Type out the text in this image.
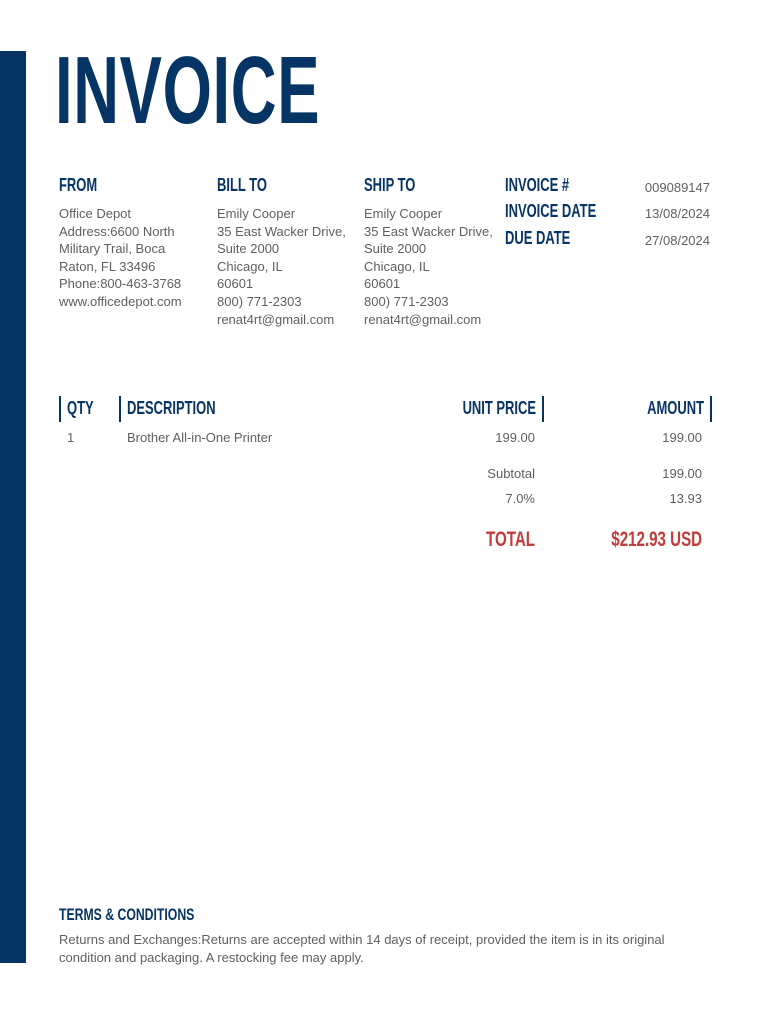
INVOICE
FROM
Office Depot
Address:6600 North
Military Trail, Boca
Raton, FL 33496
Phone:800-463-3768
www.officedepot.com
BILL TO
Emily Cooper
35 East Wacker Drive,
Suite 2000
Chicago, IL
60601
800) 771-2303
renat4rt@gmail.com
SHIP TO
Emily Cooper
35 East Wacker Drive,
Suite 2000
Chicago, IL
60601
800) 771-2303
renat4rt@gmail.com
INVOICE #	009089147
INVOICE DATE	13/08/2024
DUE DATE	27/08/2024
QTY DESCRIPTION	UNIT PRICE	AMOUNT
1	Brother All-in-One Printer	199.00	199.00
Subtotal	199.00
7.0%	13.93
TOTAL	$212.93 USD
TERMS & CONDITIONS
Returns and Exchanges:Returns are accepted within 14 days of receipt, provided the item is in its original condition and packaging. A restocking fee may apply.
